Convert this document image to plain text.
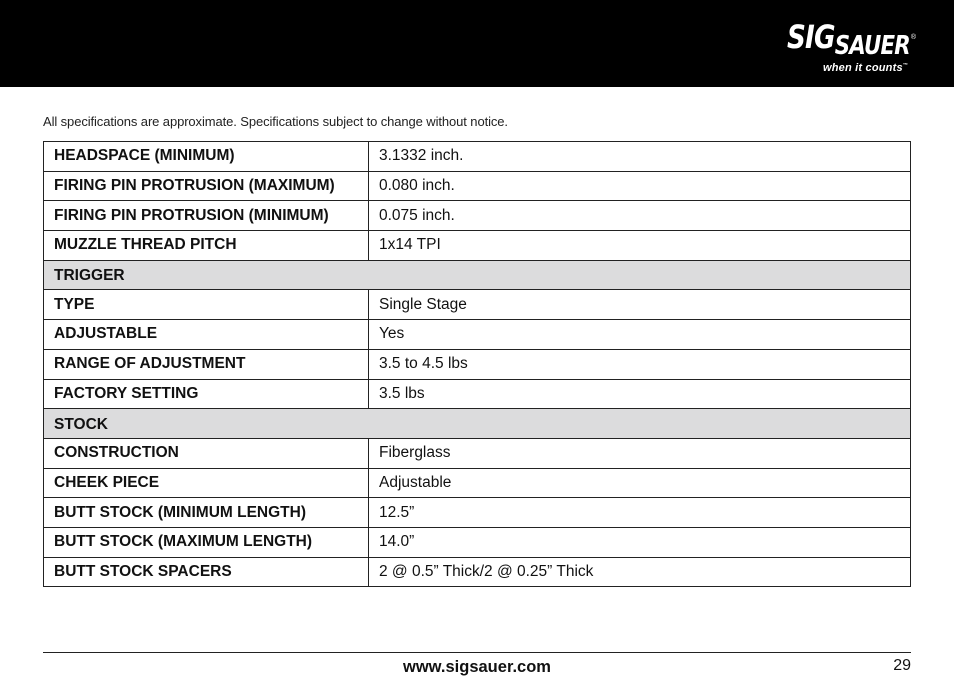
SIGSAUER ®
when it counts™
All specifications are approximate. Specifications subject to change without notice.
HEADSPACE (MINIMUM)	3.1332 inch.
FIRING PIN PROTRUSION (MAXIMUM)	0.080 inch.
FIRING PIN PROTRUSION (MINIMUM)	0.075 inch.
MUZZLE THREAD PITCH	1x14 TPI
TRIGGER	
TYPE	Single Stage
ADJUSTABLE	Yes
RANGE OF ADJUSTMENT	3.5 to 4.5 lbs
FACTORY SETTING	3.5 lbs
STOCK	
CONSTRUCTION	Fiberglass
CHEEK PIECE	Adjustable
BUTT STOCK (MINIMUM LENGTH)	12.5”
BUTT STOCK (MAXIMUM LENGTH)	14.0”
BUTT STOCK SPACERS	2 @ 0.5” Thick/2 @ 0.25” Thick
www.sigsauer.com	29
